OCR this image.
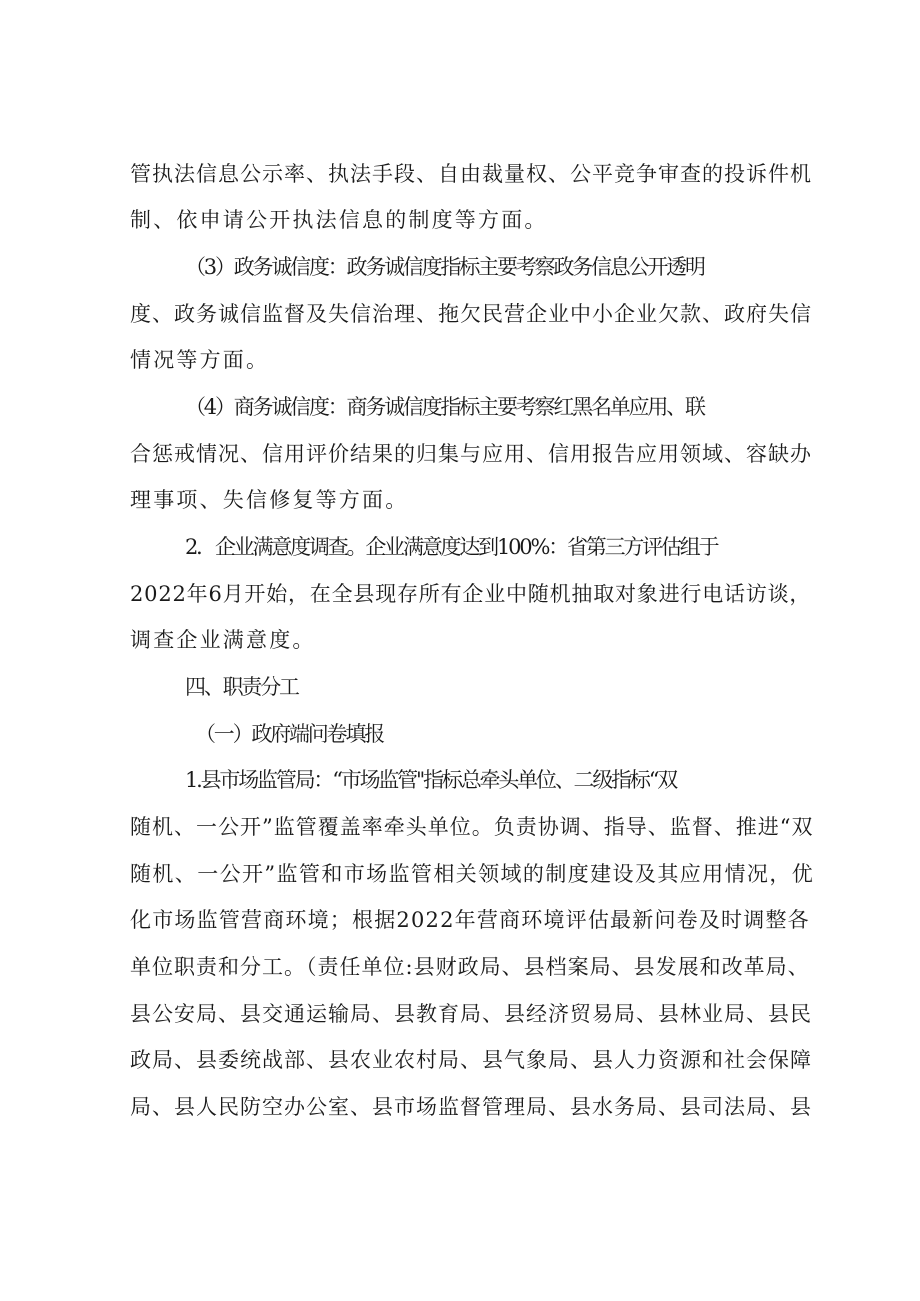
管执法信息公示率、执法手段、自由裁量权、公平竞争审查的投诉件机
制、依申请公开执法信息的制度等方面。
（3）政务诚信度：政务诚信度指标主要考察政务信息公开透明
度、政务诚信监督及失信治理、拖欠民营企业中小企业欠款、政府失信
情况等方面。
（4）商务诚信度：商务诚信度指标主要考察红黑名单应用、联
合惩戒情况、信用评价结果的归集与应用、信用报告应用领域、容缺办
理事项、失信修复等方面。
2．企业满意度调查。企业满意度达到100%：省第三方评估组于
2022年6月开始，在全县现存所有企业中随机抽取对象进行电话访谈，
调查企业满意度。
四、职责分工
（一）政府端问卷填报
1.县市场监管局：“市场监管''指标总牵头单位、二级指标“双
随机、一公开”监管覆盖率牵头单位。负责协调、指导、监督、推进“双
随机、一公开”监管和市场监管相关领域的制度建设及其应用情况，优
化市场监管营商环境；根据2022年营商环境评估最新问卷及时调整各
单位职责和分工。（责任单位:县财政局、县档案局、县发展和改革局、
县公安局、县交通运输局、县教育局、县经济贸易局、县林业局、县民
政局、县委统战部、县农业农村局、县气象局、县人力资源和社会保障
局、县人民防空办公室、县市场监督管理局、县水务局、县司法局、县
